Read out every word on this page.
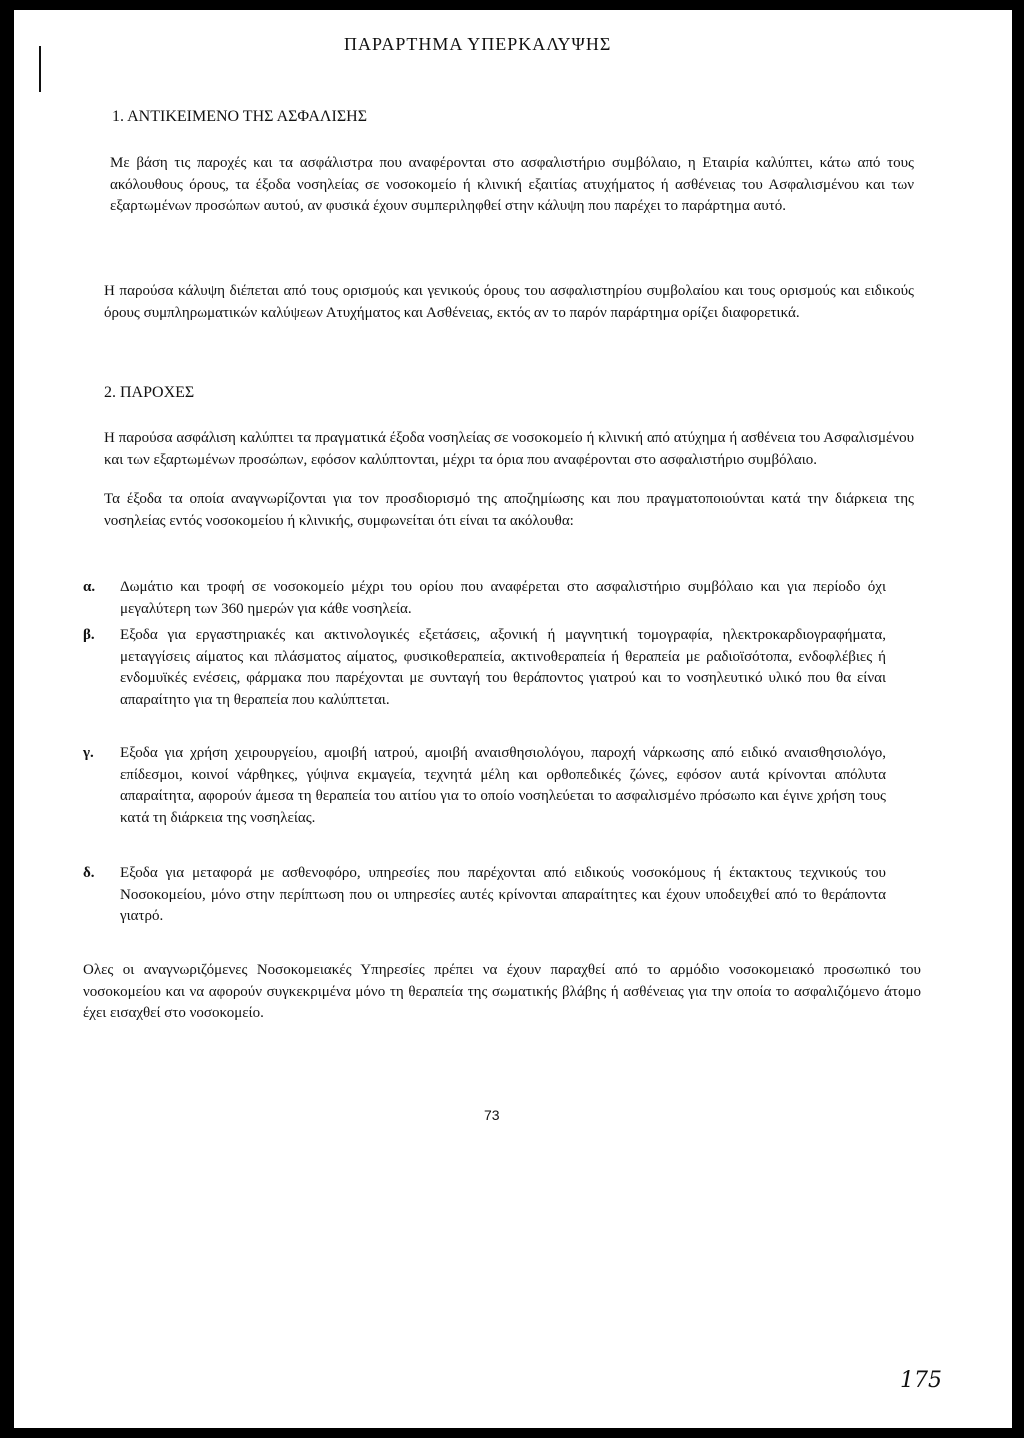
ΠΑΡΑΡΤΗΜΑ ΥΠΕΡΚΑΛΥΨΗΣ
1. ΑΝΤΙΚΕΙΜΕΝΟ ΤΗΣ ΑΣΦΑΛΙΣΗΣ

Με βάση τις παροχές και τα ασφάλιστρα που αναφέρονται στο ασφαλιστήριο συμβόλαιο, η Εταιρία καλύπτει, κάτω από τους ακόλουθους όρους, τα έξοδα νοσηλείας σε νοσοκομείο ή κλινική εξαιτίας ατυχήματος ή ασθένειας του Ασφαλισμένου και των εξαρτωμένων προσώπων αυτού, αν φυσικά έχουν συμπεριληφθεί στην κάλυψη που παρέχει το παράρτημα αυτό.

Η παρούσα κάλυψη διέπεται από τους ορισμούς και γενικούς όρους του ασφαλιστηρίου συμβολαίου και τους ορισμούς και ειδικούς όρους συμπληρωματικών καλύψεων Ατυχήματος και Ασθένειας, εκτός αν το παρόν παράρτημα ορίζει διαφορετικά.

2. ΠΑΡΟΧΕΣ

Η παρούσα ασφάλιση καλύπτει τα πραγματικά έξοδα νοσηλείας σε νοσοκομείο ή κλινική από ατύχημα ή ασθένεια του Ασφαλισμένου και των εξαρτωμένων προσώπων, εφόσον καλύπτονται, μέχρι τα όρια που αναφέρονται στο ασφαλιστήριο συμβόλαιο.

Τα έξοδα τα οποία αναγνωρίζονται για τον προσδιορισμό της αποζημίωσης και που πραγματοποιούνται κατά την διάρκεια της νοσηλείας εντός νοσοκομείου ή κλινικής, συμφωνείται ότι είναι τα ακόλουθα:

α. Δωμάτιο και τροφή σε νοσοκομείο μέχρι του ορίου που αναφέρεται στο ασφαλιστήριο συμβόλαιο και για περίοδο όχι μεγαλύτερη των 360 ημερών για κάθε νοσηλεία.
β. Εξοδα για εργαστηριακές και ακτινολογικές εξετάσεις, αξονική ή μαγνητική τομογραφία, ηλεκτροκαρδιογραφήματα, μεταγγίσεις αίματος και πλάσματος αίματος, φυσικοθεραπεία, ακτινοθεραπεία ή θεραπεία με ραδιοϊσότοπα, ενδοφλέβιες ή ενδομυϊκές ενέσεις, φάρμακα που παρέχονται με συνταγή του θεράποντος γιατρού και το νοσηλευτικό υλικό που θα είναι απαραίτητο για τη θεραπεία που καλύπτεται.
γ. Εξοδα για χρήση χειρουργείου, αμοιβή ιατρού, αμοιβή αναισθησιολόγου, παροχή νάρκωσης από ειδικό αναισθησιολόγο, επίδεσμοι, κοινοί νάρθηκες, γύψινα εκμαγεία, τεχνητά μέλη και ορθοπεδικές ζώνες, εφόσον αυτά κρίνονται απόλυτα απαραίτητα, αφορούν άμεσα τη θεραπεία του αιτίου για το οποίο νοσηλεύεται το ασφαλισμένο πρόσωπο και έγινε χρήση τους κατά τη διάρκεια της νοσηλείας.
δ. Εξοδα για μεταφορά με ασθενοφόρο, υπηρεσίες που παρέχονται από ειδικούς νοσοκόμους ή έκτακτους τεχνικούς του Νοσοκομείου, μόνο στην περίπτωση που οι υπηρεσίες αυτές κρίνονται απαραίτητες και έχουν υποδειχθεί από το θεράποντα γιατρό.

Ολες οι αναγνωριζόμενες Νοσοκομειακές Υπηρεσίες πρέπει να έχουν παραχθεί από το αρμόδιο νοσοκομειακό προσωπικό του νοσοκομείου και να αφορούν συγκεκριμένα μόνο τη θεραπεία της σωματικής βλάβης ή ασθένειας για την οποία το ασφαλιζόμενο άτομο έχει εισαχθεί στο νοσοκομείο.

73
175
